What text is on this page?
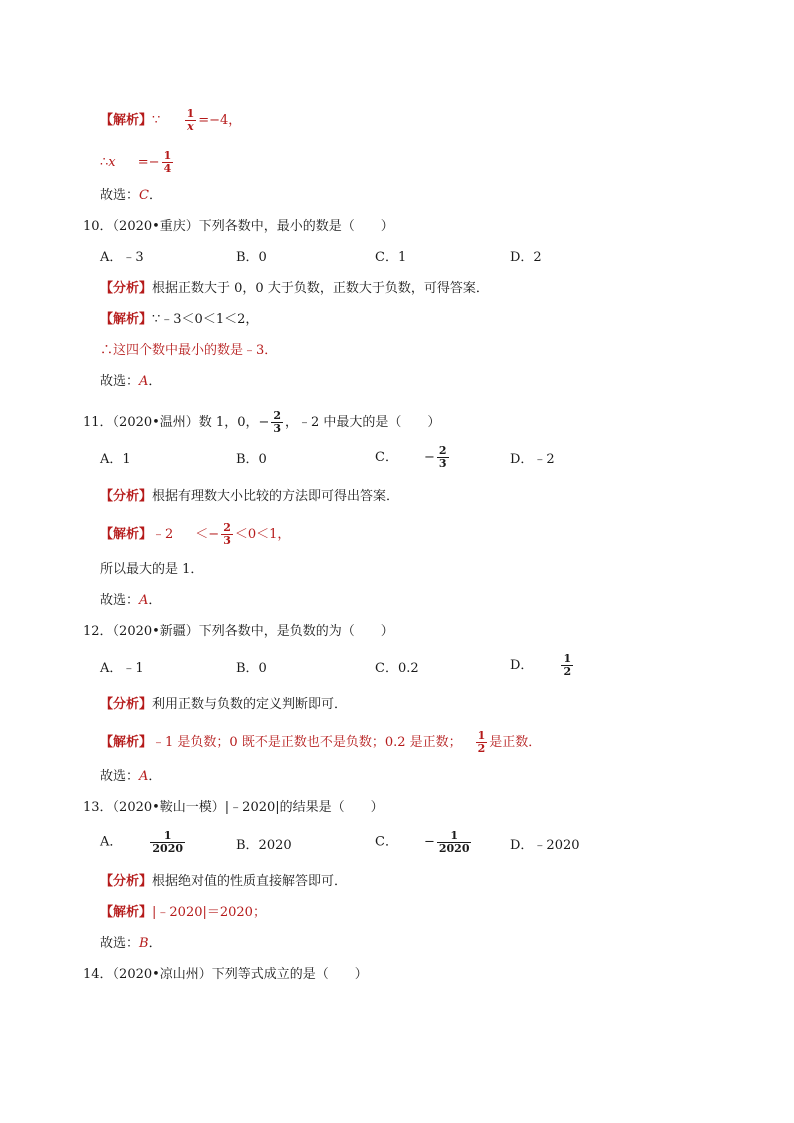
【解析】∵ $\frac{1}{x} =-4$，
∴x =− $\frac{1}{4}$
故选：C．
10．（2020•重庆）下列各数中，最小的数是（　　）
A．﹣3	B．0	C．1	D．2
【分析】根据正数大于 0，0 大于负数，正数大于负数，可得答案．
【解析】∵﹣3＜0＜1＜2，
∴这四个数中最小的数是﹣3．
故选：A．
11．（2020•温州）数 1，0，− $\frac{2}{3}$ ，﹣2 中最大的是（　　）
A．1	B．0	C． − $\frac{2}{3}$	D．﹣2
【分析】根据有理数大小比较的方法即可得出答案．
【解析】﹣2 ＜− $\frac{2}{3} <0<1$，
所以最大的是 1．
故选：A．
12．（2020•新疆）下列各数中，是负数的为（　　）
A．﹣1	B．0	C．0.2	D．	$\frac{1}{2}$
【分析】利用正数与负数的定义判断即可．
【解析】﹣1 是负数；0 既不是正数也不是负数；0.2 是正数； $\frac{1}{2}$ 是正数．
故选：A．
13．（2020•鞍山一模）|﹣2020|的结果是（　　）
A．	$\frac{1}{2020}$	B．2020	C． − $\frac{1}{2020}$	D．﹣2020
【分析】根据绝对值的性质直接解答即可．
【解析】|﹣2020|＝2020；
故选：B．
14．（2020•凉山州）下列等式成立的是（　　）
